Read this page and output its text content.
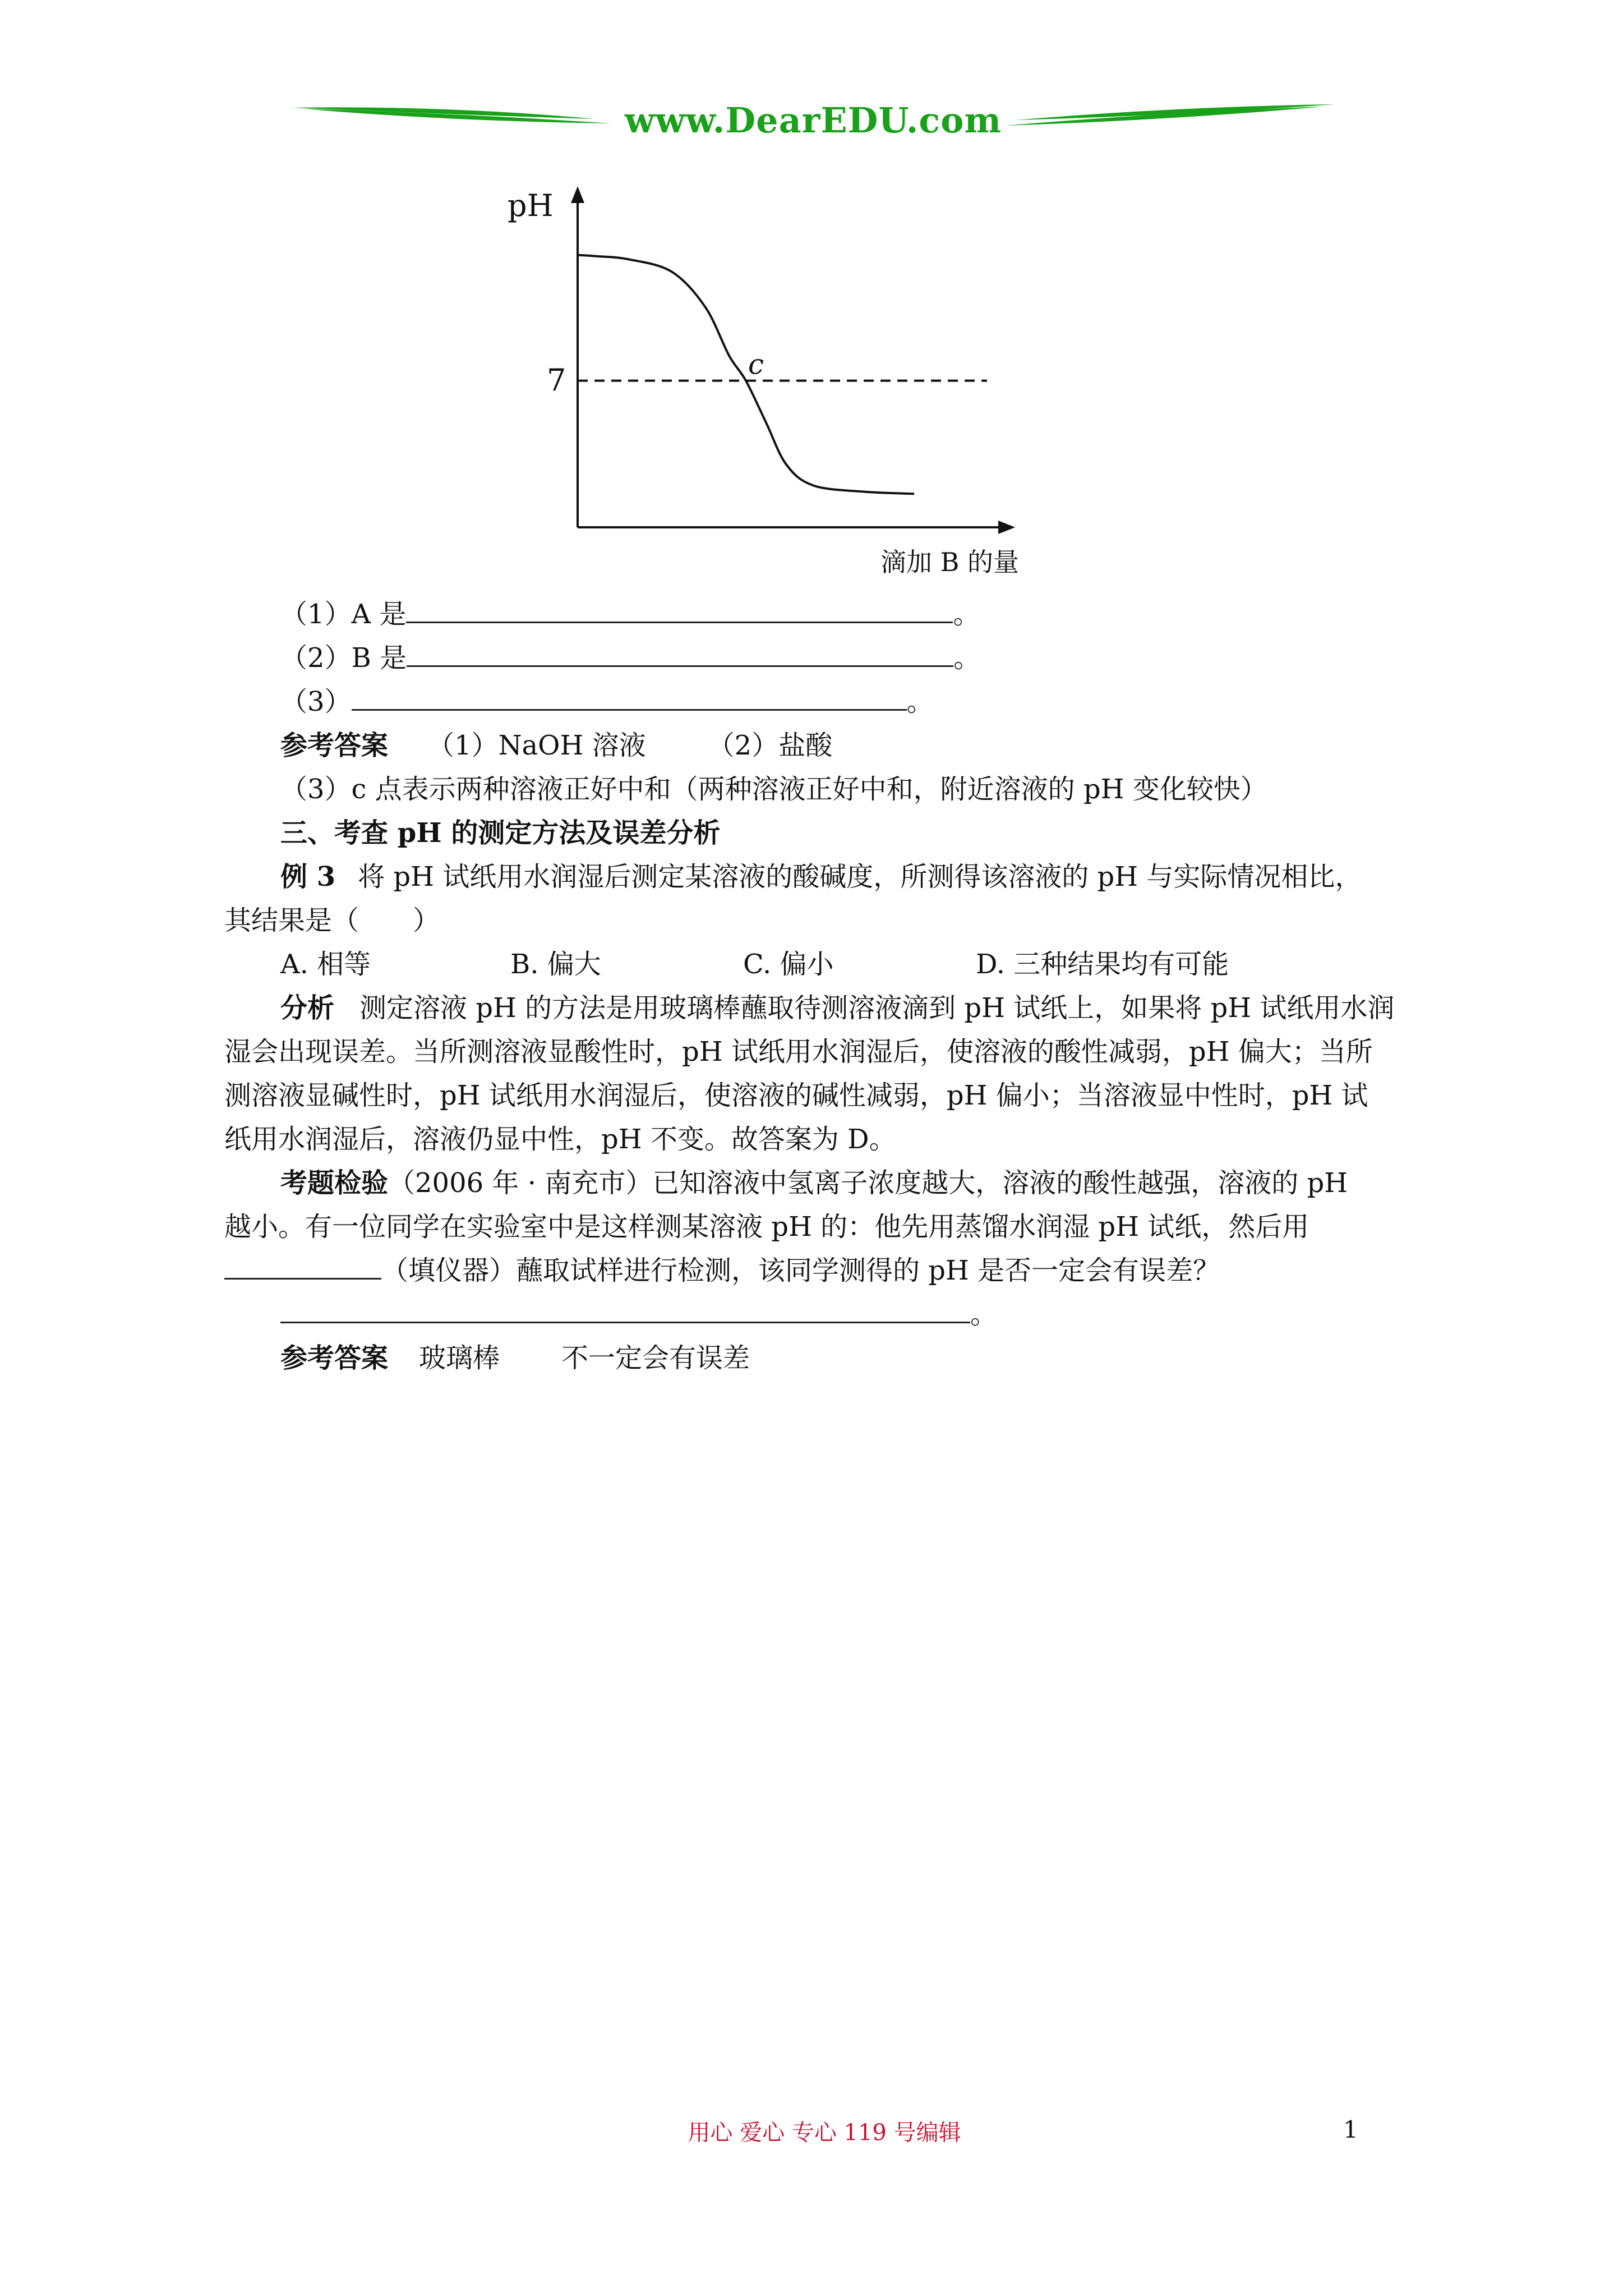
www.DearEDU.com
pH
7	c
滴加 B 的量
（1）A 是	。
（2）B 是	。
（3）	。
参考答案 （1）NaOH 溶液 （2）盐酸
（3）c 点表示两种溶液正好中和（两种溶液正好中和，附近溶液的 pH 变化较快）
三、考查 pH 的测定方法及误差分析
例 3 将 pH 试纸用水润湿后测定某溶液的酸碱度，所测得该溶液的 pH 与实际情况相比，
其结果是（　　）
A. 相等	B. 偏大	C. 偏小	D. 三种结果均有可能
分析 测定溶液 pH 的方法是用玻璃棒蘸取待测溶液滴到 pH 试纸上，如果将 pH 试纸用水润
湿会出现误差。当所测溶液显酸性时，pH 试纸用水润湿后，使溶液的酸性减弱，pH 偏大；当所
测溶液显碱性时，pH 试纸用水润湿后，使溶液的碱性减弱，pH 偏小；当溶液显中性时，pH 试
纸用水润湿后，溶液仍显中性，pH 不变。故答案为 D。
考题检验（2006 年 · 南充市）已知溶液中氢离子浓度越大，溶液的酸性越强，溶液的 pH
越小。有一位同学在实验室中是这样测某溶液 pH 的：他先用蒸馏水润湿 pH 试纸，然后用
（填仪器）蘸取试样进行检测，该同学测得的 pH 是否一定会有误差？
。
参考答案 玻璃棒 不一定会有误差
用心 爱心 专心 119 号编辑	1
